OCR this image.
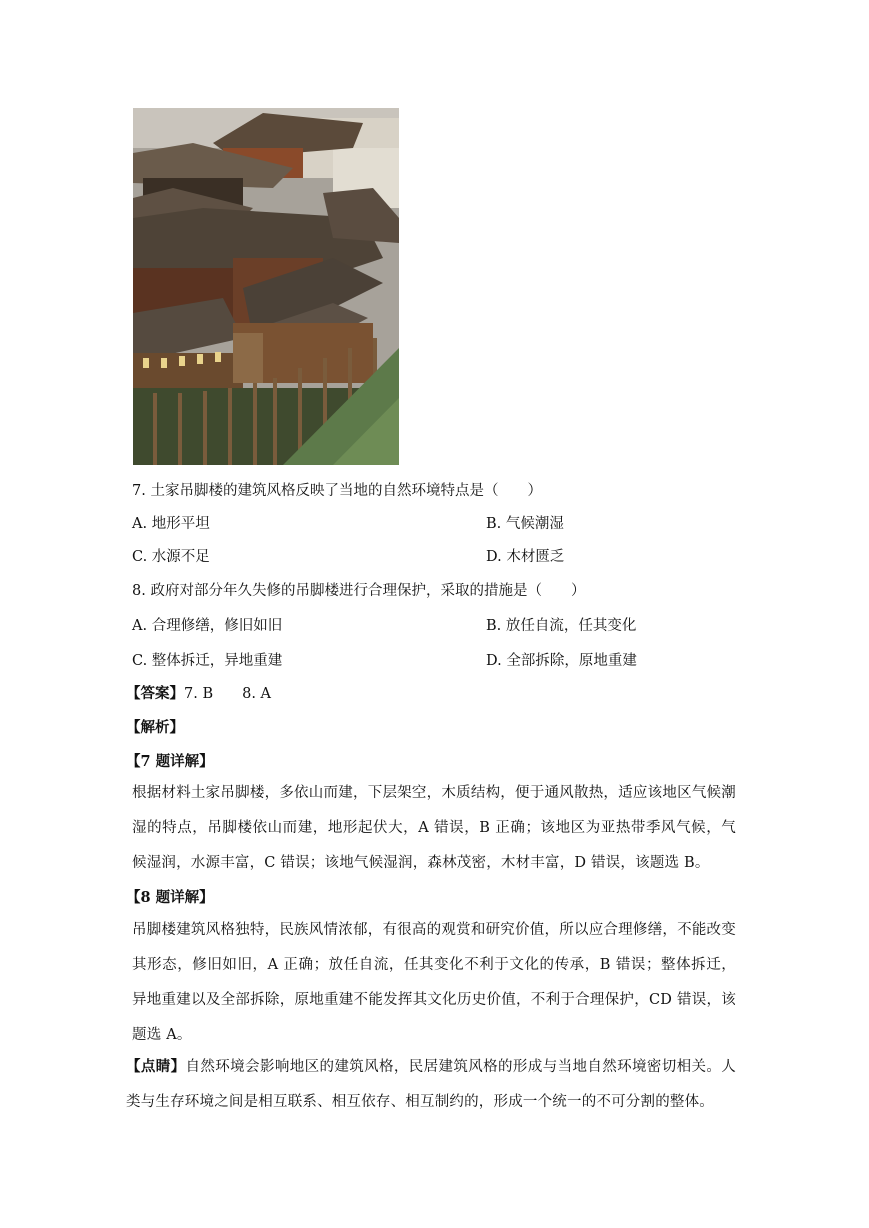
7. 土家吊脚楼的建筑风格反映了当地的自然环境特点是（　　）
A. 地形平坦	B. 气候潮湿
C. 水源不足	D. 木材匮乏
8. 政府对部分年久失修的吊脚楼进行合理保护，采取的措施是（　　）
A. 合理修缮，修旧如旧	B. 放任自流，任其变化
C. 整体拆迁，异地重建	D. 全部拆除，原地重建
【答案】7. B　　8. A
【解析】
【7 题详解】
根据材料土家吊脚楼，多依山而建，下层架空，木质结构，便于通风散热，适应该地区气候潮湿的特点，吊脚楼依山而建，地形起伏大，A 错误，B 正确；该地区为亚热带季风气候，气候湿润，水源丰富，C 错误；该地气候湿润，森林茂密，木材丰富，D 错误，该题选 B。
【8 题详解】
吊脚楼建筑风格独特，民族风情浓郁，有很高的观赏和研究价值，所以应合理修缮，不能改变其形态，修旧如旧，A 正确；放任自流，任其变化不利于文化的传承，B 错误；整体拆迁，异地重建以及全部拆除，原地重建不能发挥其文化历史价值，不利于合理保护，CD 错误，该题选 A。
【点睛】自然环境会影响地区的建筑风格，民居建筑风格的形成与当地自然环境密切相关。人类与生存环境之间是相互联系、相互依存、相互制约的，形成一个统一的不可分割的整体。
